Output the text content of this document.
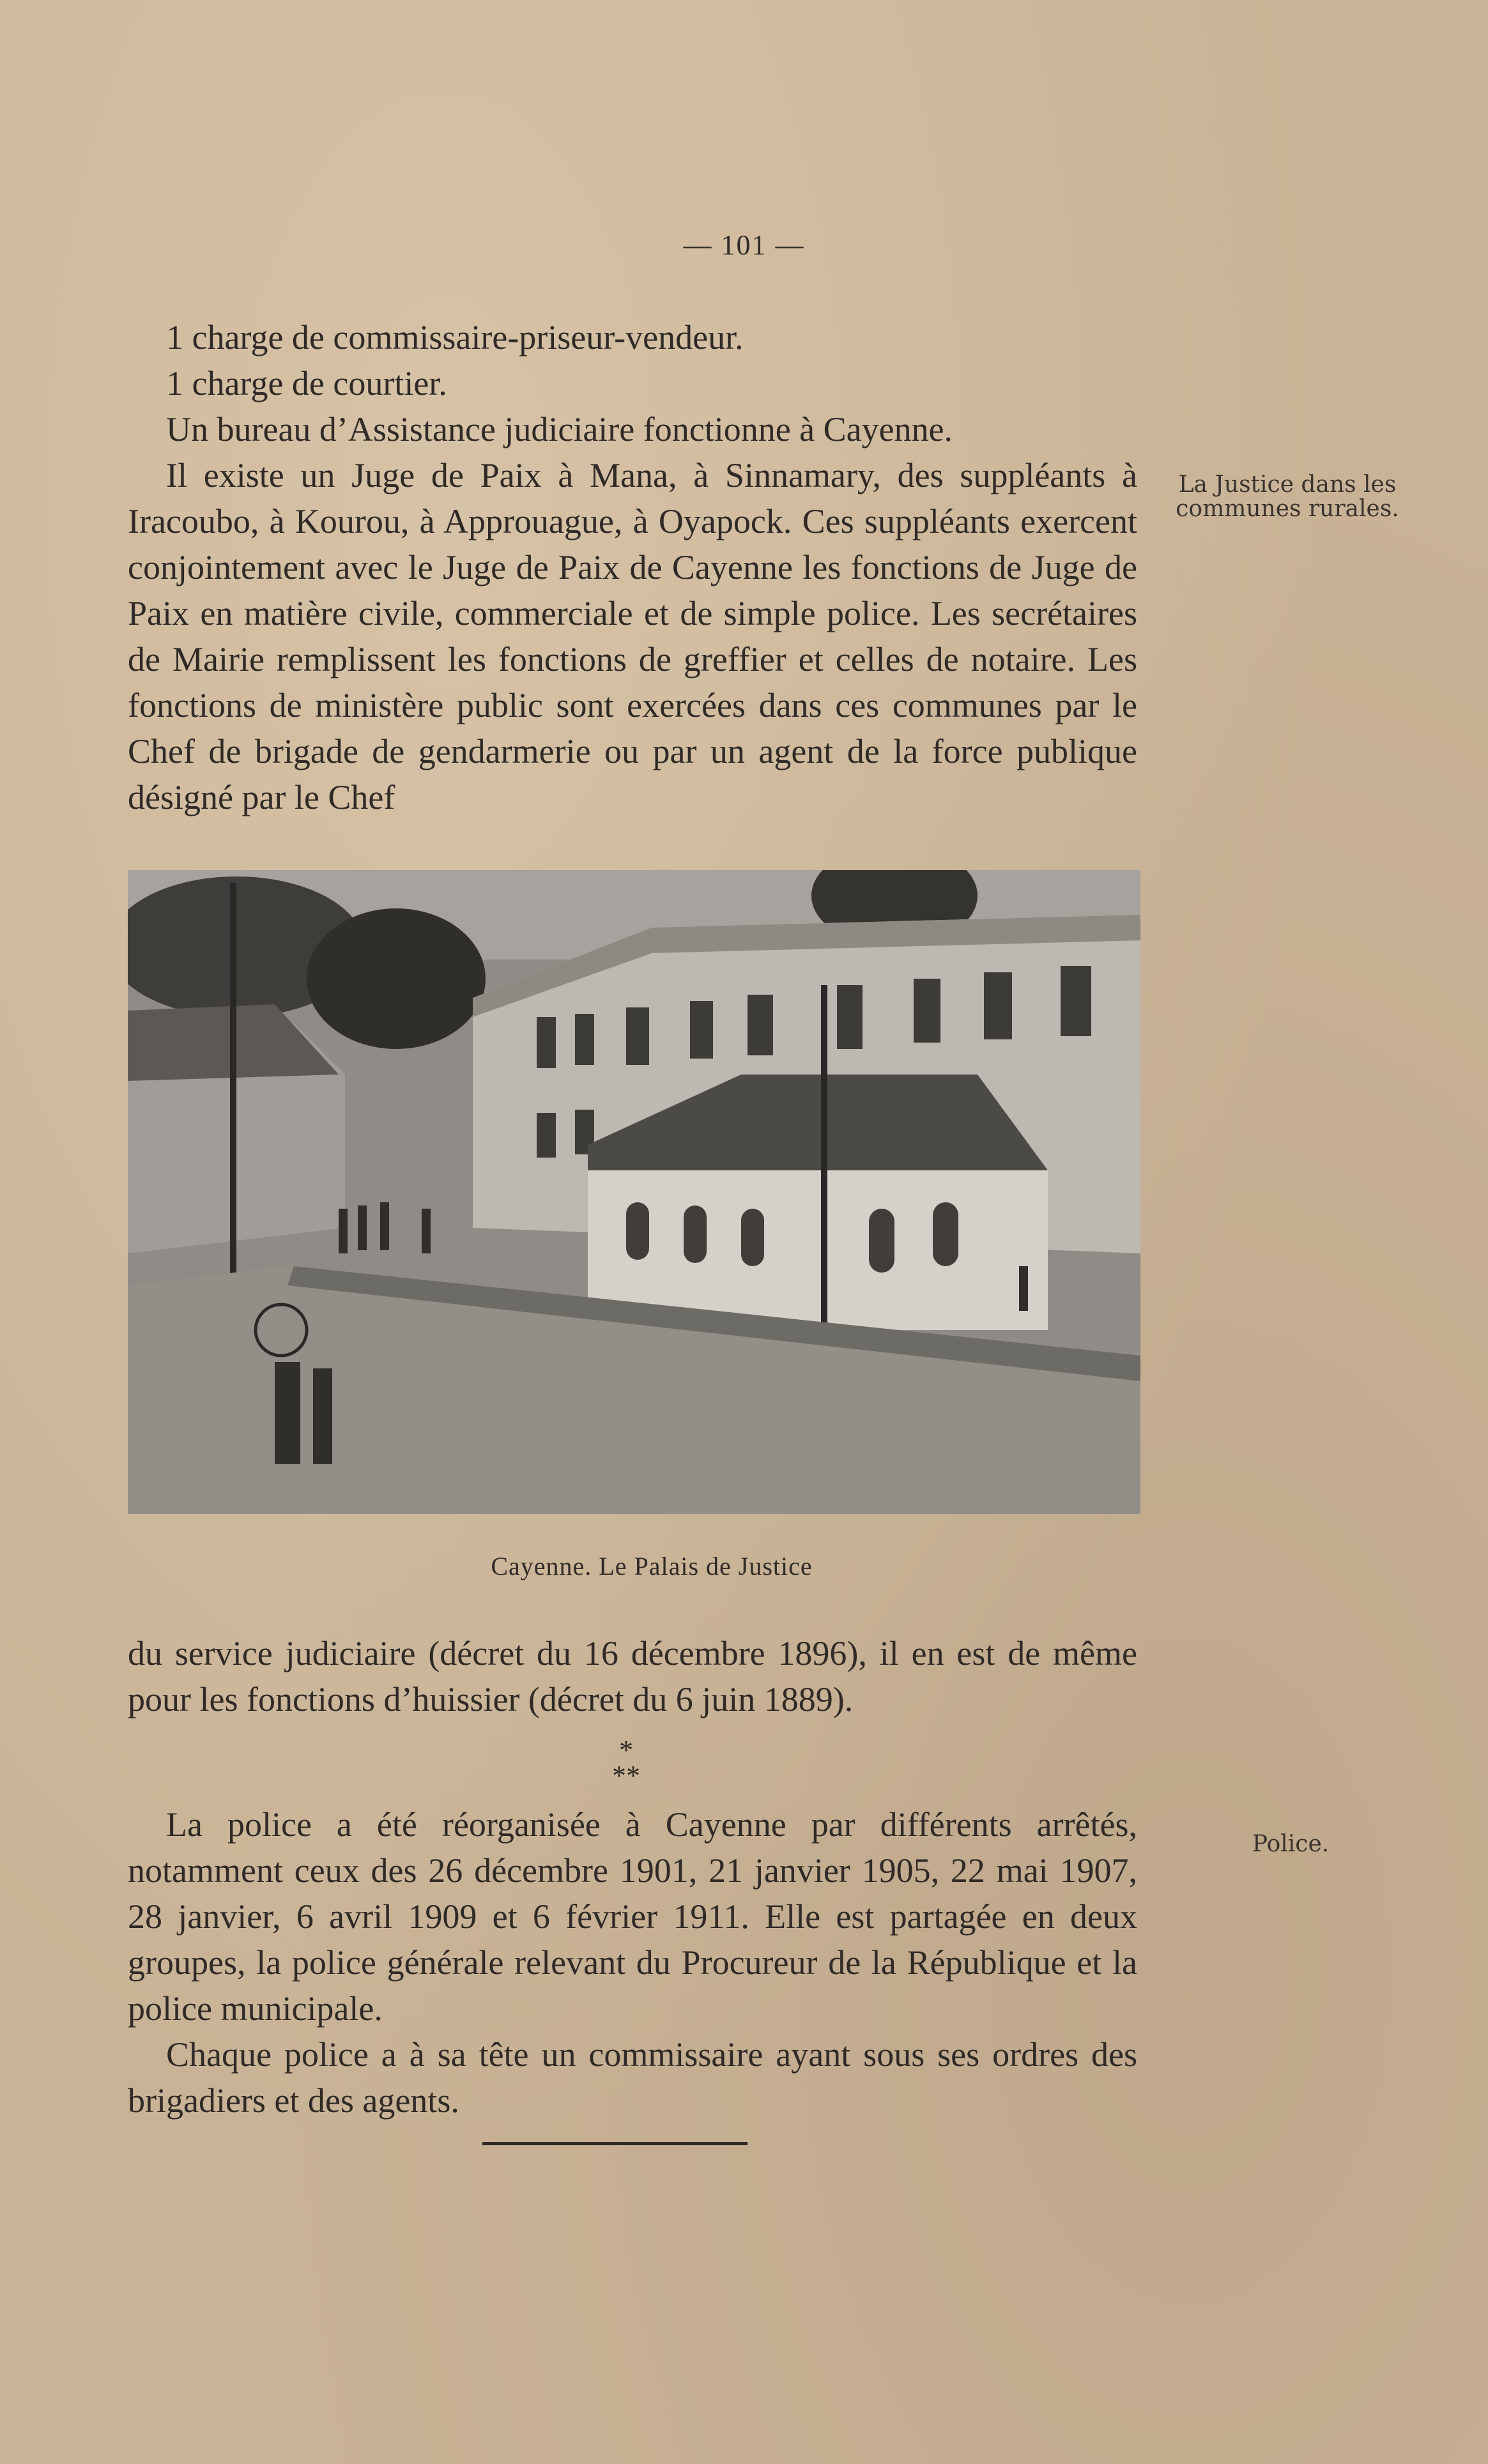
— 101 —

1 charge de commissaire-priseur-vendeur.

1 charge de courtier.

Un bureau d’Assistance judiciaire fonctionne à Cayenne.

Il existe un Juge de Paix à Mana, à Sinnamary, des suppléants à Iracoubo, à Kourou, à Approuague, à Oyapock. Ces suppléants exercent conjointement avec le Juge de Paix de Cayenne les fonctions de Juge de Paix en matière civile, commerciale et de simple police. Les secrétaires de Mairie remplissent les fonctions de greffier et celles de notaire. Les fonctions de ministère public sont exercées dans ces communes par le Chef de brigade de gendarmerie ou par un agent de la force publique désigné par le Chef

La Justice dans les communes rurales.
Cayenne. Le Palais de Justice

du service judiciaire (décret du 16 décembre 1896), il en est de même pour les fonctions d’huissier (décret du 6 juin 1889).

*
**

La police a été réorganisée à Cayenne par différents arrêtés, notamment ceux des 26 décembre 1901, 21 janvier 1905, 22 mai 1907, 28 janvier, 6 avril 1909 et 6 février 1911. Elle est partagée en deux groupes, la police générale relevant du Procureur de la République et la police municipale.

Chaque police a à sa tête un commissaire ayant sous ses ordres des brigadiers et des agents.

Police.
